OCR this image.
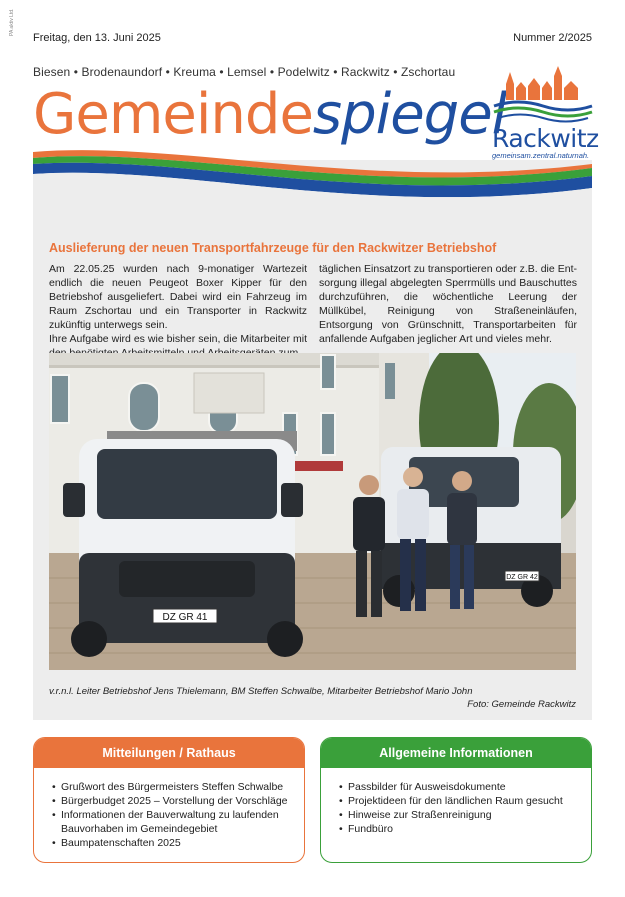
PA aktiv Ltd.
Freitag, den 13. Juni 2025	Nummer 2/2025
Biesen • Brodenaundorf • Kreuma • Lemsel • Podelwitz • Rackwitz • Zschortau
Gemeindespiegel
Rackwitz
gemeinsam.zentral.naturnah.
Auslieferung der neuen Transportfahrzeuge für den Rackwitzer Betriebshof

Am 22.05.25 wurden nach 9-monatiger Wartezeit endlich die neuen Peugeot Boxer Kipper für den Betriebshof ausgeliefert. Dabei wird ein Fahrzeug im Raum Zschortau und ein Transporter in Rackwitz zukünftig unterwegs sein.

Ihre Aufgabe wird es wie bisher sein, die Mitarbeiter mit

täglichen Einsatzort zu transportieren oder z.B. die Entsorgung illegal abgelegten Sperrmülls und Bauschuttes durchzuführen, die wöchentliche Leerung der Müllkübel, Reinigung von Straßeneinläufen, Entsorgung von Grünschnitt, Transportarbeiten für anfallende Aufgaben jeglicher Art und vieles mehr.

DZ GR 42
DZ GR 41
v.r.n.l. Leiter Betriebshof Jens Thielemann, BM Steffen Schwalbe, Mitarbeiter Betriebshof Mario John
Foto: Gemeinde Rackwitz
Mitteilungen / Rathaus
• Grußwort des Bürgermeisters Steffen Schwalbe
• Bürgerbudget 2025 – Vorstellung der Vorschläge
• Informationen der Bauverwaltung zu laufenden Bauvorhaben im Gemeindegebiet
• Baumpatenschaften 2025
Allgemeine Informationen
• Passbilder für Ausweisdokumente
• Projektideen für den ländlichen Raum gesucht
• Hinweise zur Straßenreinigung
• Fundbüro
